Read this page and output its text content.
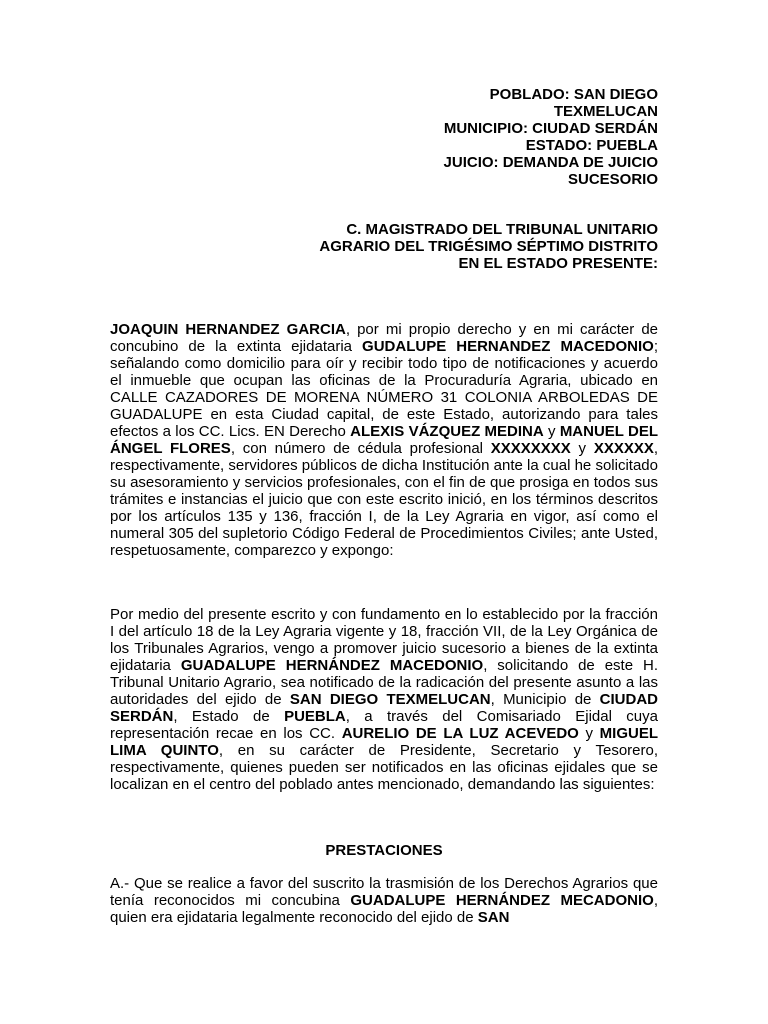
POBLADO: SAN DIEGO
TEXMELUCAN
MUNICIPIO: CIUDAD SERDÁN
ESTADO: PUEBLA
JUICIO: DEMANDA DE JUICIO
SUCESORIO
C. MAGISTRADO DEL TRIBUNAL UNITARIO
AGRARIO DEL TRIGÉSIMO SÉPTIMO DISTRITO
EN EL ESTADO PRESENTE:

JOAQUIN HERNANDEZ GARCIA, por mi propio derecho y en mi carácter de concubino de la extinta ejidataria GUDALUPE HERNANDEZ MACEDONIO; señalando como domicilio para oír y recibir todo tipo de notificaciones y acuerdo el inmueble que ocupan las oficinas de la Procuraduría Agraria, ubicado en CALLE CAZADORES DE MORENA NÚMERO 31 COLONIA ARBOLEDAS DE GUADALUPE en esta Ciudad capital, de este Estado, autorizando para tales efectos a los CC. Lics. EN Derecho ALEXIS VÁZQUEZ MEDINA y MANUEL DEL ÁNGEL FLORES, con número de cédula profesional XXXXXXXX y XXXXXX, respectivamente, servidores públicos de dicha Institución ante la cual he solicitado su asesoramiento y servicios profesionales, con el fin de que prosiga en todos sus trámites e instancias el juicio que con este escrito inició, en los términos descritos por los artículos 135 y 136, fracción I, de la Ley Agraria en vigor, así como el numeral 305 del supletorio Código Federal de Procedimientos Civiles; ante Usted, respetuosamente, comparezco y expongo:

Por medio del presente escrito y con fundamento en lo establecido por la fracción I del artículo 18 de la Ley Agraria vigente y 18, fracción VII, de la Ley Orgánica de los Tribunales Agrarios, vengo a promover juicio sucesorio a bienes de la extinta ejidataria GUADALUPE HERNÁNDEZ MACEDONIO, solicitando de este H. Tribunal Unitario Agrario, sea notificado de la radicación del presente asunto a las autoridades del ejido de SAN DIEGO TEXMELUCAN, Municipio de CIUDAD SERDÁN, Estado de PUEBLA, a través del Comisariado Ejidal cuya representación recae en los CC. AURELIO DE LA LUZ ACEVEDO y MIGUEL LIMA QUINTO, en su carácter de Presidente, Secretario y Tesorero, respectivamente, quienes pueden ser notificados en las oficinas ejidales que se localizan en el centro del poblado antes mencionado, demandando las siguientes:

PRESTACIONES

A.- Que se realice a favor del suscrito la trasmisión de los Derechos Agrarios que tenía reconocidos mi concubina GUADALUPE HERNÁNDEZ MECADONIO, quien era ejidataria legalmente reconocido del ejido de SAN
